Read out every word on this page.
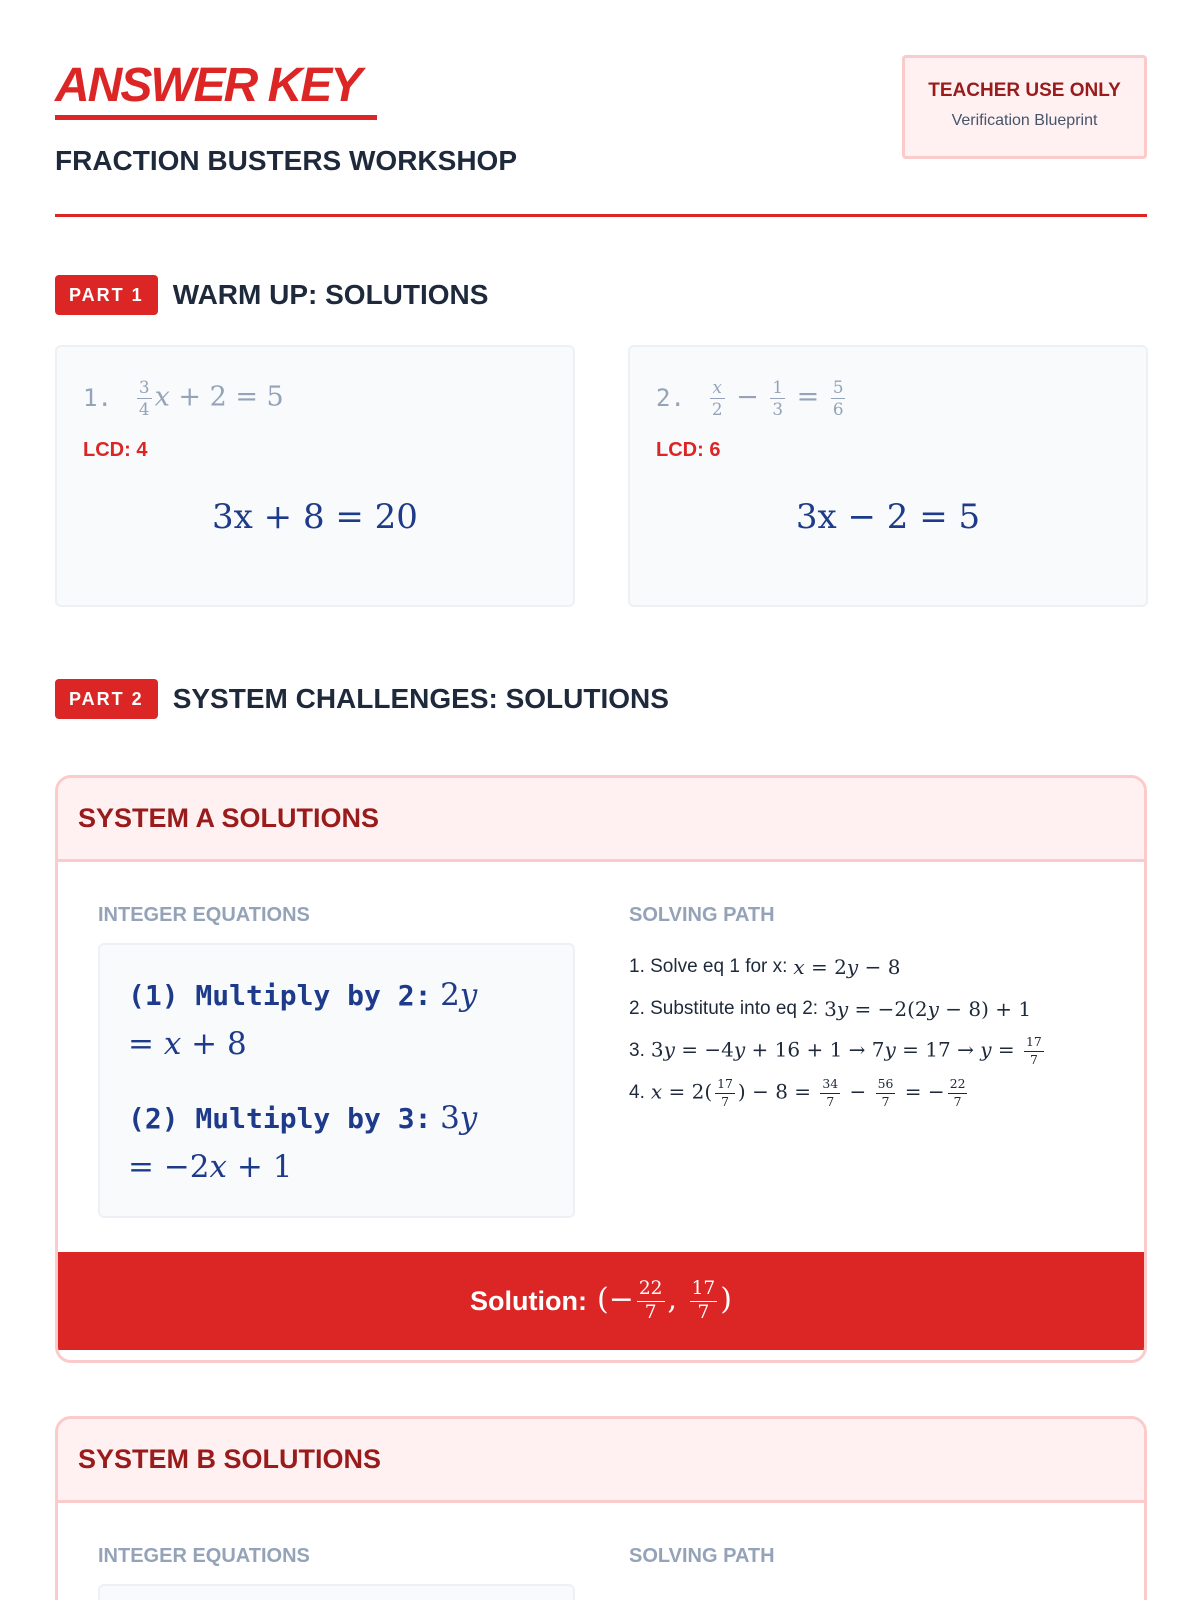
ANSWER KEY
FRACTION BUSTERS WORKSHOP
TEACHER USE ONLY
Verification Blueprint
PART 1	WARM UP: SOLUTIONS
1. $\frac{3}{4}$ x + 2 = 5
LCD: 4
3x + 8 = 20
2. $\frac{x}{2} - \frac{1}{3} = \frac{5}{6}$
LCD: 6
3x − 2 = 5
PART 2	SYSTEM CHALLENGES: SOLUTIONS
SYSTEM A SOLUTIONS
INTEGER EQUATIONS	SOLVING PATH
(1) Multiply by 2: 2y
= x + 8
(2) Multiply by 3: 3y
= −2x + 1
1. Solve eq 1 for x: x = 2y − 8
2. Substitute into eq 2: 3y = −2(2y − 8) + 1
3. $3y = -4y + 16 + 1 \to 7y = 17 \to y = \frac{17}{7}$
4. $x = 2( \frac{17}{7}$ ) − $8 = \frac{34}{7} - \frac{56}{7}$ = − $\frac{22}{7}$
Solution: (− $\frac{22}{7}$ , $\frac{17}{7}$ )
SYSTEM B SOLUTIONS
INTEGER EQUATIONS	SOLVING PATH
